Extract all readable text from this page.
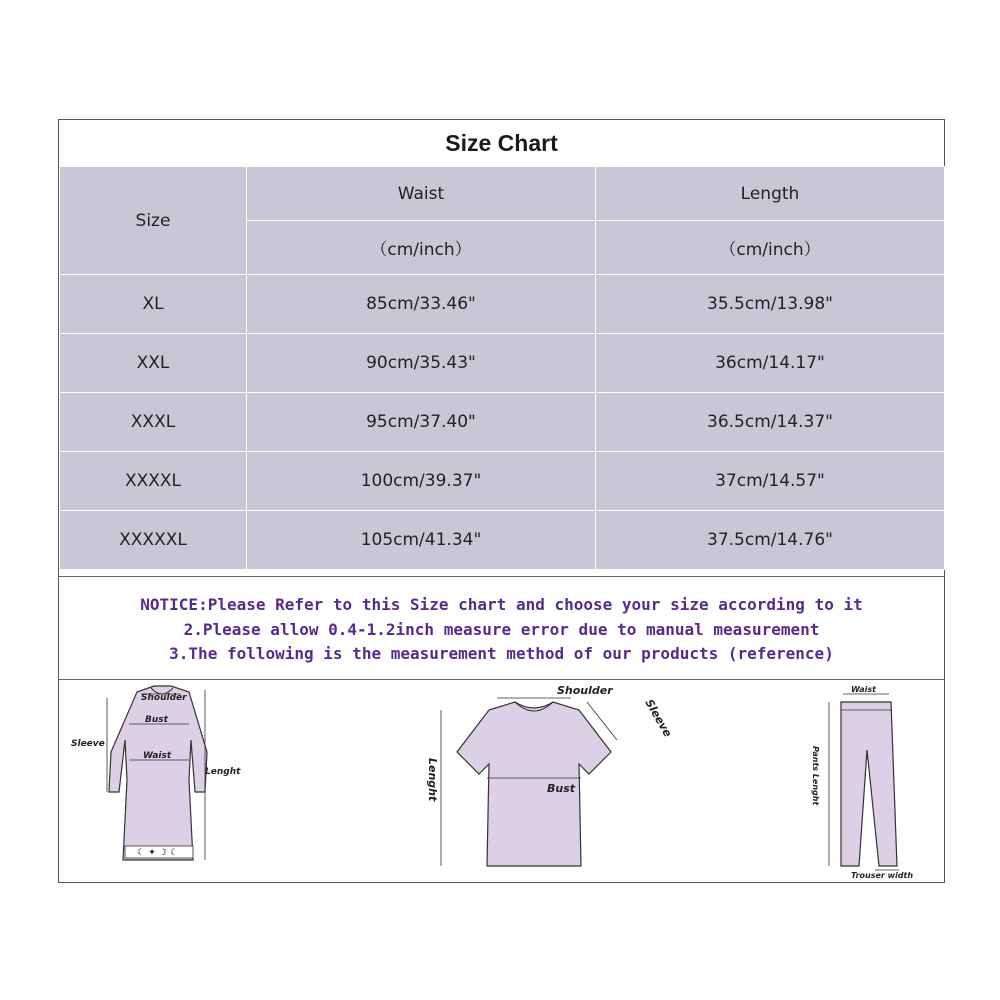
Size Chart
Size	Waist	Length
	（cm/inch）	（cm/inch）
XL	85cm/33.46"	35.5cm/13.98"
XXL	90cm/35.43"	36cm/14.17"
XXXL	95cm/37.40"	36.5cm/14.37"
XXXXL	100cm/39.37"	37cm/14.57"
XXXXXL	105cm/41.34"	37.5cm/14.76"
NOTICE:Please Refer to this Size chart and choose your size according to it
2.Please allow 0.4-1.2inch measure error due to manual measurement
3.The following is the measurement method of our products (reference)
☾ ✦ ☽ ☾
Shoulder
Bust
Waist
Sleeve
Lenght
Shoulder
Sleeve
Bust
Lenght
Waist
Pants Lenght
Trouser width
